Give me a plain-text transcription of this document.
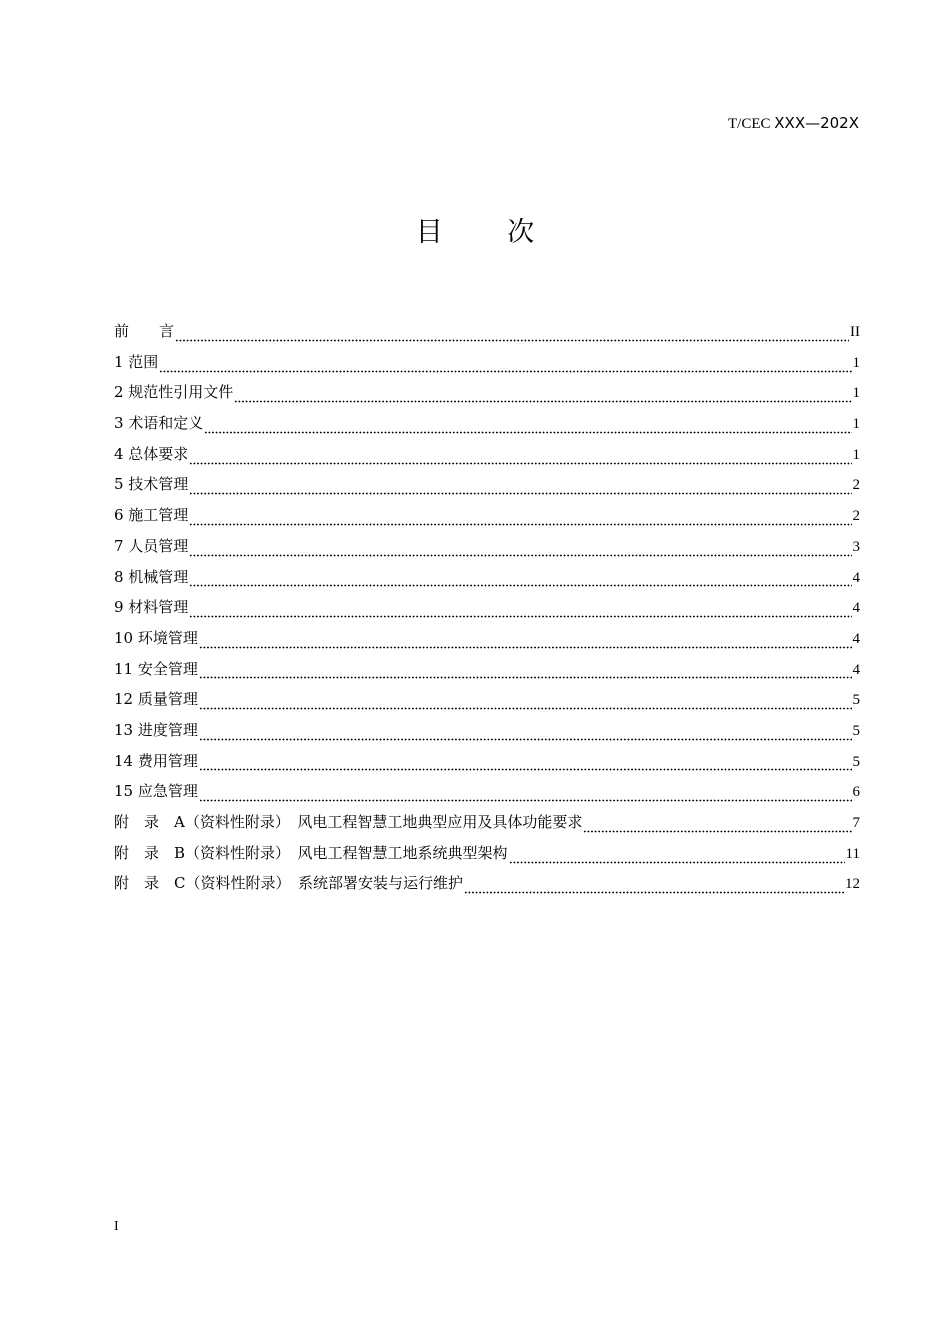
T/CEC XXX—202X
目 次
前　　言	II
1 范围	1
2 规范性引用文件	1
3 术语和定义	1
4 总体要求	1
5 技术管理	2
6 施工管理	2
7 人员管理	3
8 机械管理	4
9 材料管理	4
10 环境管理	4
11 安全管理	4
12 质量管理	5
13 进度管理	5
14 费用管理	5
15 应急管理	6
附　录　A（资料性附录）　风电工程智慧工地典型应用及具体功能要求	7
附　录　B（资料性附录）　风电工程智慧工地系统典型架构	11
附　录　C（资料性附录）　系统部署安装与运行维护	12
I
